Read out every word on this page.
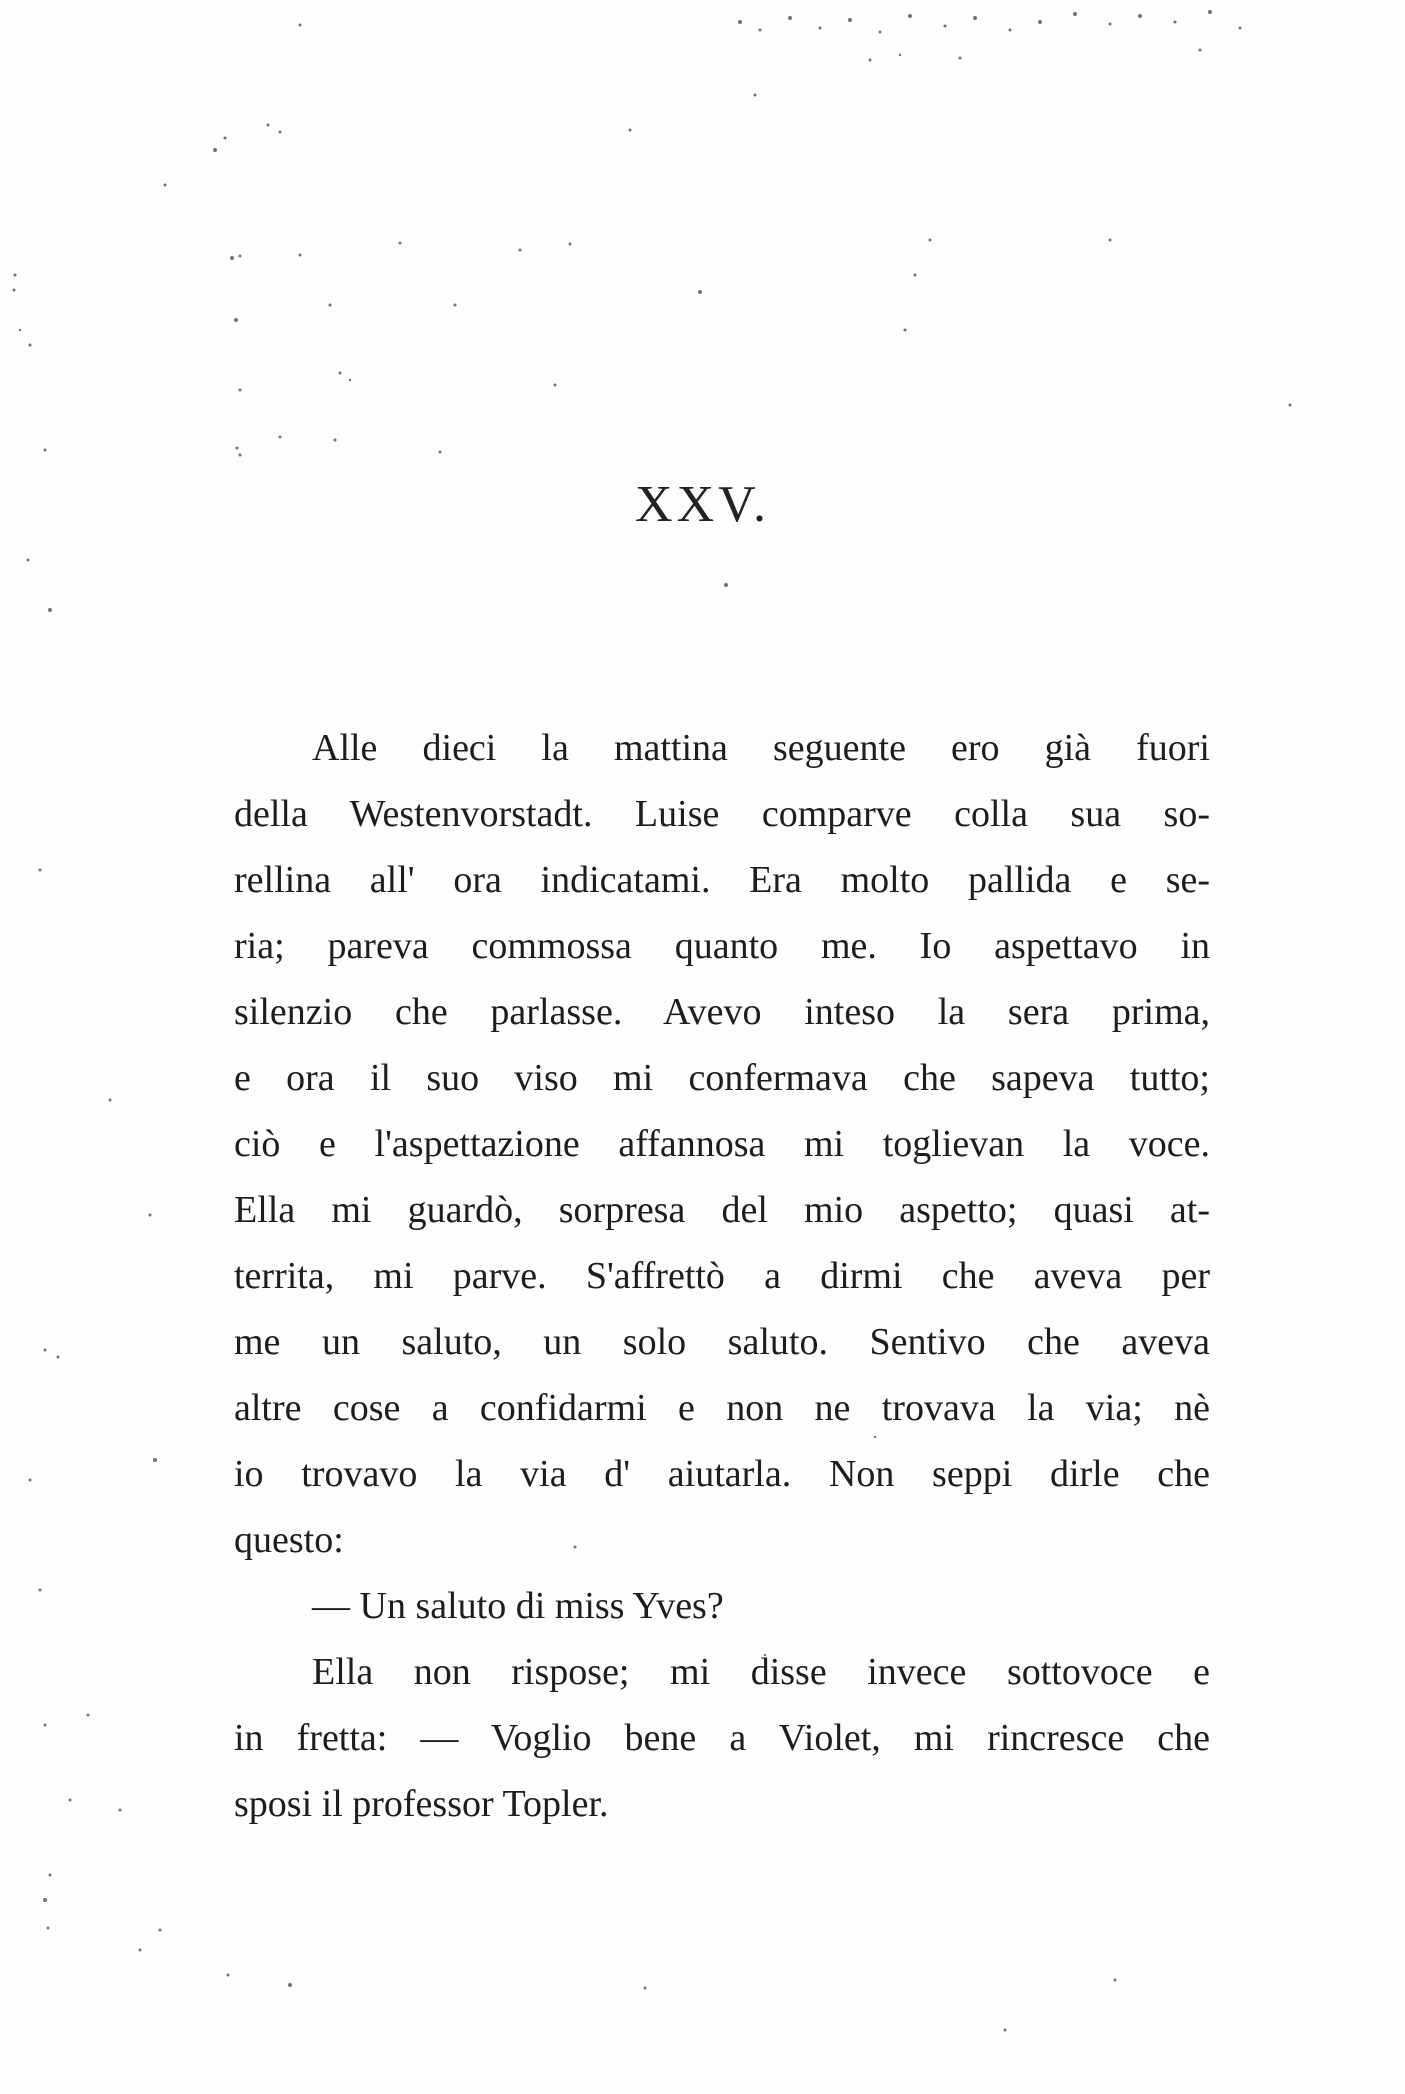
XXV.
Alle dieci la mattina seguente ero già fuori
della Westenvorstadt. Luise comparve colla sua so-
rellina all' ora indicatami. Era molto pallida e se-
ria; pareva commossa quanto me. Io aspettavo in
silenzio che parlasse. Avevo inteso la sera prima,
e ora il suo viso mi confermava che sapeva tutto;
ciò e l'aspettazione affannosa mi toglievan la voce.
Ella mi guardò, sorpresa del mio aspetto; quasi at-
territa, mi parve. S'affrettò a dirmi che aveva per
me un saluto, un solo saluto. Sentivo che aveva
altre cose a confidarmi e non ne trovava la via; nè
io trovavo la via d' aiutarla. Non seppi dirle che
questo:
— Un saluto di miss Yves?
Ella non rispose; mi disse invece sottovoce e
in fretta: — Voglio bene a Violet, mi rincresce che
sposi il professor Topler.
